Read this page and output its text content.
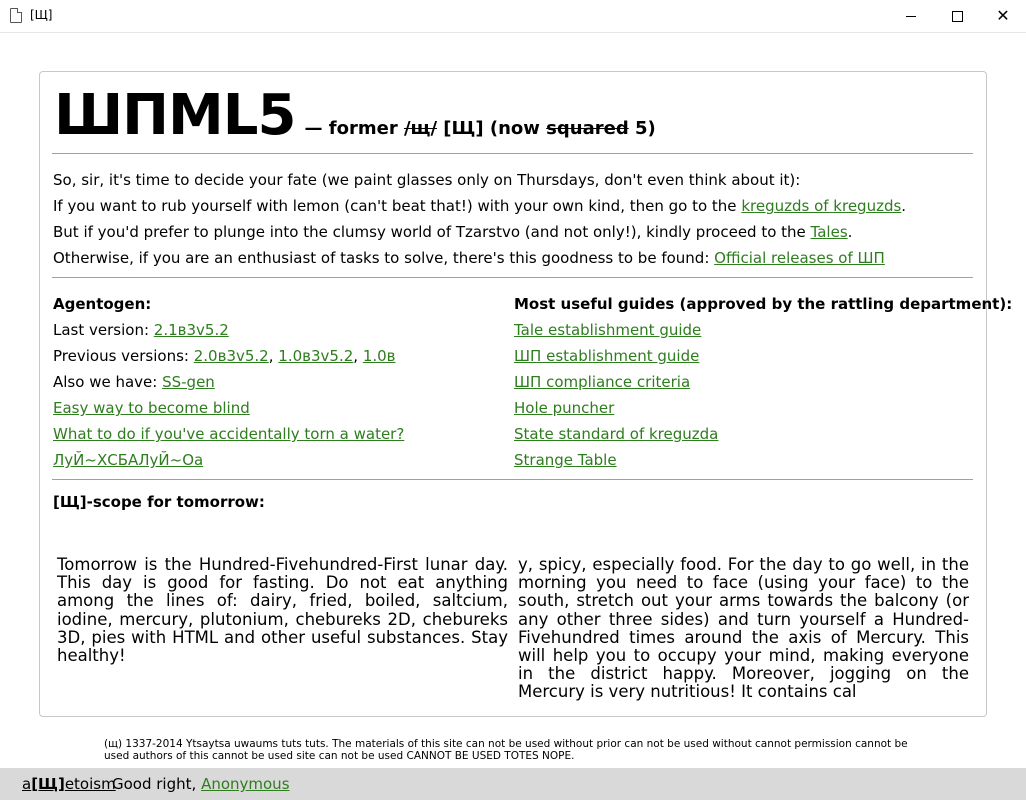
[Щ]	✕
ШПМL5 — former /щ/ [Щ] (now squared 5)
So, sir, it's time to decide your fate (we paint glasses only on Thursdays, don't even think about it):
If you want to rub yourself with lemon (can't beat that!) with your own kind, then go to the kreguzds of kreguzds.
But if you'd prefer to plunge into the clumsy world of Tzarstvo (and not only!), kindly proceed to the Tales.
Otherwise, if you are an enthusiast of tasks to solve, there's this goodness to be found: Official releases of ШП
Agentogen:
Last version: 2.1в3v5.2
Previous versions: 2.0в3v5.2, 1.0в3v5.2, 1.0в
Also we have: SS-gen
Easy way to become blind
What to do if you've accidentally torn a water?
ЛуЙ~ХСБАЛуЙ~Оа
Most useful guides (approved by the rattling department):
Tale establishment guide
ШП establishment guide
ШП compliance criteria
Hole puncher
State standard of kreguzda
Strange Table
[Щ]-scope for tomorrow:
Tomorrow is the Hundred-Fivehundred-First lunar day. This day is good for fasting. Do not eat anything among the lines of: dairy, fried, boiled, saltcium, iodine, mercury, plutonium, chebureks 2D, chebureks 3D, pies with HTML and other useful substances. Stay healthy!
y, spicy, especially food. For the day to go well, in the morning you need to face (using your face) to the south, stretch out your arms towards the balcony (or any other three sides) and turn yourself a Hundred-Fivehundred times around the axis of Mercury. This will help you to occupy your mind, making everyone in the district happy. Moreover, jogging on the Mercury is very nutritious! It contains cal
(щ) 1337-2014 Ytsaytsa uwaums tuts tuts. The materials of this site can not be used without prior can not be used without cannot permission cannot be used authors of this cannot be used site can not be used CANNOT BE USED TOTES NOPE.
а[Щ]etoism
Good right, Anonymous
